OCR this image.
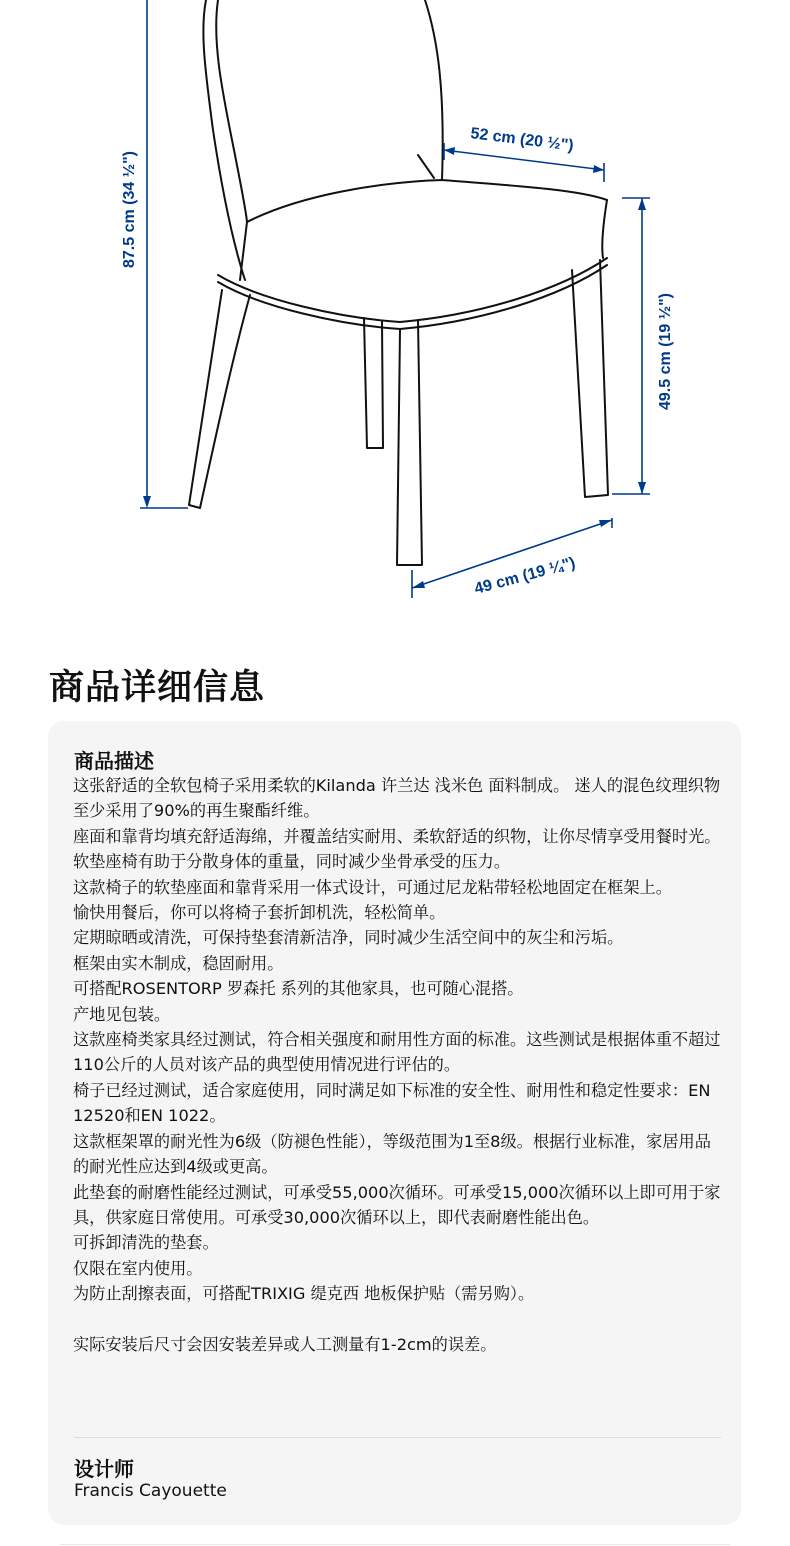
87.5 cm (34 ½")
52 cm (20 ½")
49.5 cm (19 ½")
49 cm (19 ¼")
商品详细信息
商品描述

这张舒适的全软包椅子采用柔软的Kilanda 许兰达 浅米色 面料制成。 迷人的混色纹理织物至少采用了90%的再生聚酯纤维。

座面和靠背均填充舒适海绵，并覆盖结实耐用、柔软舒适的织物，让你尽情享受用餐时光。

软垫座椅有助于分散身体的重量，同时减少坐骨承受的压力。

这款椅子的软垫座面和靠背采用一体式设计，可通过尼龙粘带轻松地固定在框架上。

愉快用餐后，你可以将椅子套折卸机洗，轻松简单。

定期晾晒或清洗，可保持垫套清新洁净，同时减少生活空间中的灰尘和污垢。

框架由实木制成，稳固耐用。

可搭配ROSENTORP 罗森托 系列的其他家具，也可随心混搭。

产地见包装。

这款座椅类家具经过测试，符合相关强度和耐用性方面的标准。这些测试是根据体重不超过110公斤的人员对该产品的典型使用情况进行评估的。

椅子已经过测试，适合家庭使用，同时满足如下标准的安全性、耐用性和稳定性要求：EN 12520和EN 1022。

这款框架罩的耐光性为6级（防褪色性能），等级范围为1至8级。根据行业标准，家居用品的耐光性应达到4级或更高。

此垫套的耐磨性能经过测试，可承受55,000次循环。可承受15,000次循环以上即可用于家具，供家庭日常使用。可承受30,000次循环以上，即代表耐磨性能出色。

可拆卸清洗的垫套。

仅限在室内使用。

为防止刮擦表面，可搭配TRIXIG 缇克西 地板保护贴（需另购）。

实际安装后尺寸会因安装差异或人工测量有1-2cm的误差。

设计师
Francis Cayouette
